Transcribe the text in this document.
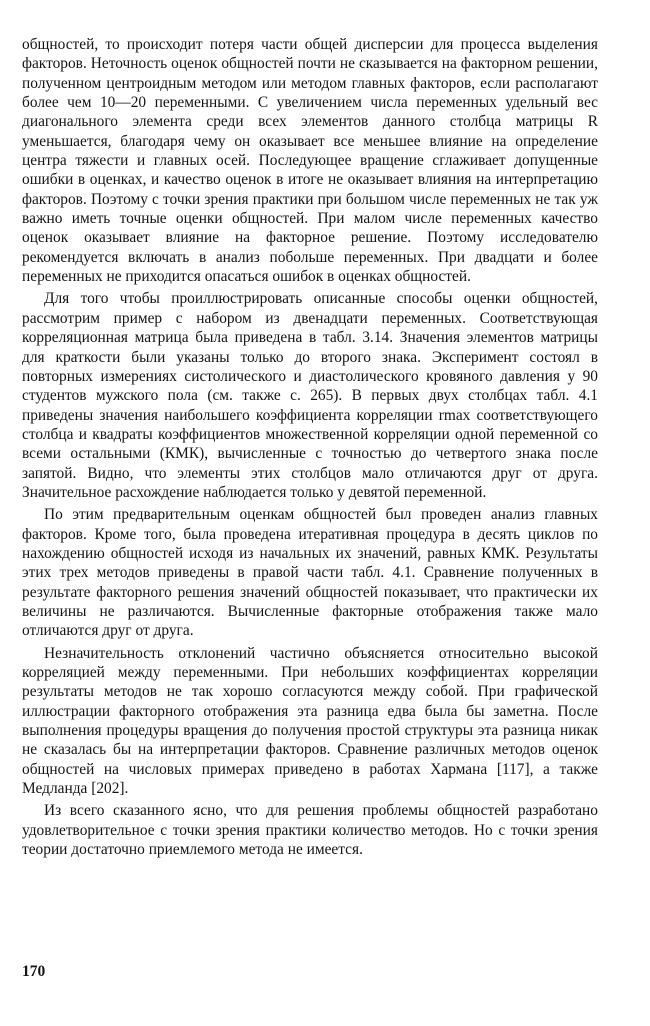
общностей, то происходит потеря части общей дисперсии для процесса выделения факторов. Неточность оценок общностей почти не сказывается на факторном решении, полученном центроидным методом или методом главных факторов, если располагают более чем 10—20 переменными. С увеличением числа переменных удельный вес диагонального элемента среди всех элементов данного столбца матрицы R уменьшается, благодаря чему он оказывает все меньшее влияние на определение центра тяжести и главных осей. Последующее вращение сглаживает допущенные ошибки в оценках, и качество оценок в итоге не оказывает влияния на интерпретацию факторов. Поэтому с точки зрения практики при большом числе переменных не так уж важно иметь точные оценки общностей. При малом числе переменных качество оценок оказывает влияние на факторное решение. Поэтому исследователю рекомендуется включать в анализ побольше переменных. При двадцати и более переменных не приходится опасаться ошибок в оценках общностей.

Для того чтобы проиллюстрировать описанные способы оценки общностей, рассмотрим пример с набором из двенадцати переменных. Соответствующая корреляционная матрица была приведена в табл. 3.14. Значения элементов матрицы для краткости были указаны только до второго знака. Эксперимент состоял в повторных измерениях систолического и диастолического кровяного давления у 90 студентов мужского пола (см. также с. 265). В первых двух столбцах табл. 4.1 приведены значения наибольшего коэффициента корреляции rmax соответствующего столбца и квадраты коэффициентов множественной корреляции одной переменной со всеми остальными (КМК), вычисленные с точностью до четвертого знака после запятой. Видно, что элементы этих столбцов мало отличаются друг от друга. Значительное расхождение наблюдается только у девятой переменной.

По этим предварительным оценкам общностей был проведен анализ главных факторов. Кроме того, была проведена итеративная процедура в десять циклов по нахождению общностей исходя из начальных их значений, равных КМК. Результаты этих трех методов приведены в правой части табл. 4.1. Сравнение полученных в результате факторного решения значений общностей показывает, что практически их величины не различаются. Вычисленные факторные отображения также мало отличаются друг от друга.

Незначительность отклонений частично объясняется относительно высокой корреляцией между переменными. При небольших коэффициентах корреляции результаты методов не так хорошо согласуются между собой. При графической иллюстрации факторного отображения эта разница едва была бы заметна. После выполнения процедуры вращения до получения простой структуры эта разница никак не сказалась бы на интерпретации факторов. Сравнение различных методов оценок общностей на числовых примерах приведено в работах Хармана [117], а также Медланда [202].

Из всего сказанного ясно, что для решения проблемы общностей разработано удовлетворительное с точки зрения практики количество методов. Но с точки зрения теории достаточно приемлемого метода не имеется.

170
